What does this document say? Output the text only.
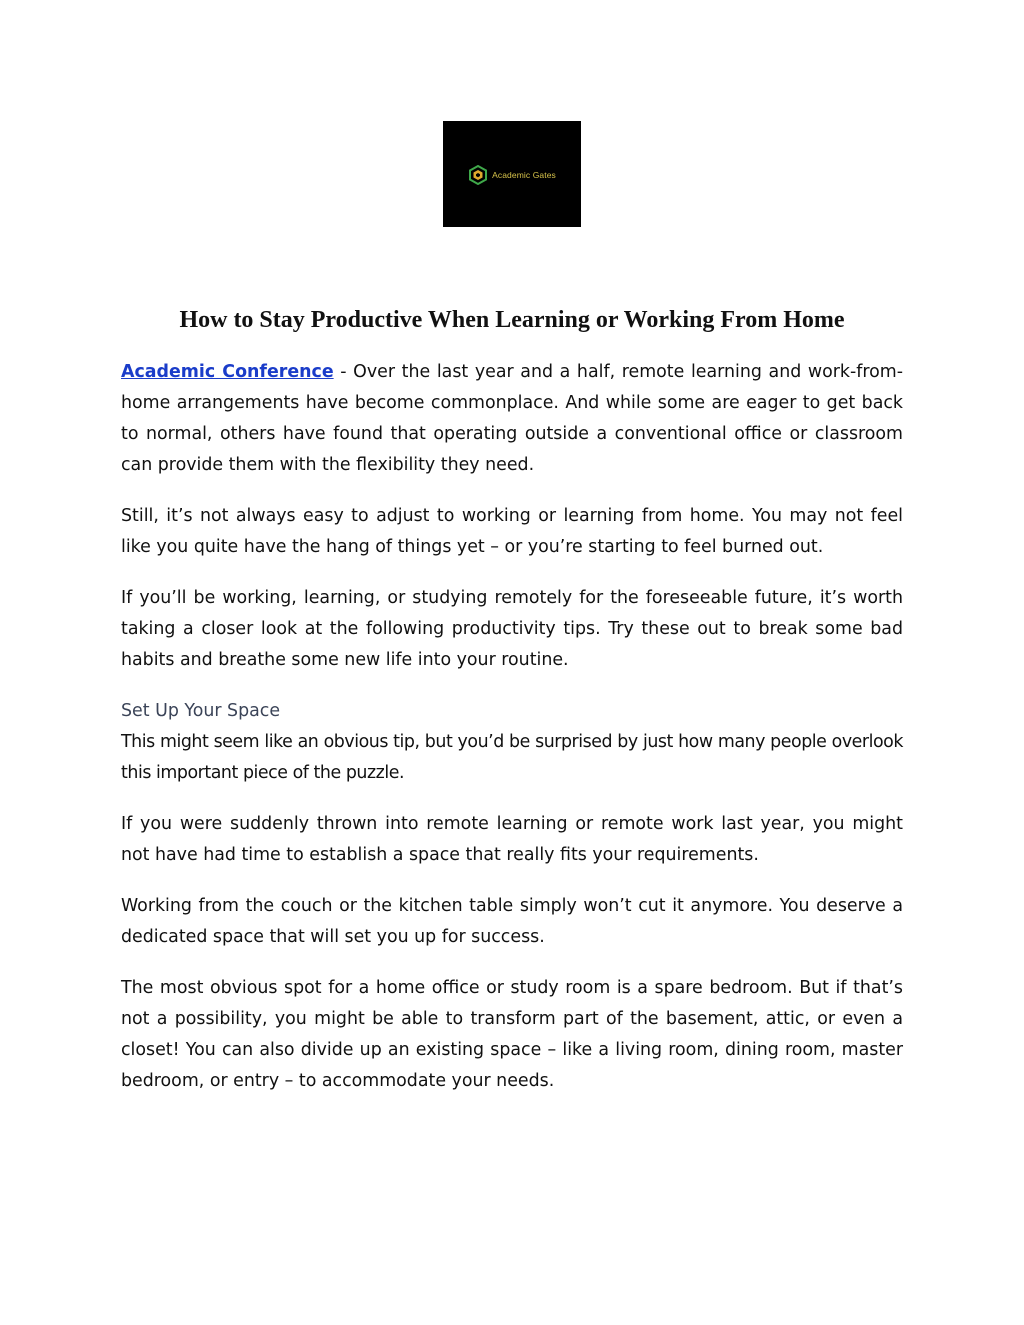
Academic Gates
How to Stay Productive When Learning or Working From Home

Academic Conference - Over the last year and a half, remote learning and work-from-home arrangements have become commonplace. And while some are eager to get back to normal, others have found that operating outside a conventional office or classroom can provide them with the flexibility they need.

Still, it’s not always easy to adjust to working or learning from home. You may not feel like you quite have the hang of things yet – or you’re starting to feel burned out.

If you’ll be working, learning, or studying remotely for the foreseeable future, it’s worth taking a closer look at the following productivity tips. Try these out to break some bad habits and breathe some new life into your routine.

Set Up Your Space
This might seem like an obvious tip, but you’d be surprised by just how many people overlook this important piece of the puzzle.

If you were suddenly thrown into remote learning or remote work last year, you might not have had time to establish a space that really fits your requirements.

Working from the couch or the kitchen table simply won’t cut it anymore. You deserve a dedicated space that will set you up for success.

The most obvious spot for a home office or study room is a spare bedroom. But if that’s not a possibility, you might be able to transform part of the basement, attic, or even a closet! You can also divide up an existing space – like a living room, dining room, master bedroom, or entry – to accommodate your needs.
